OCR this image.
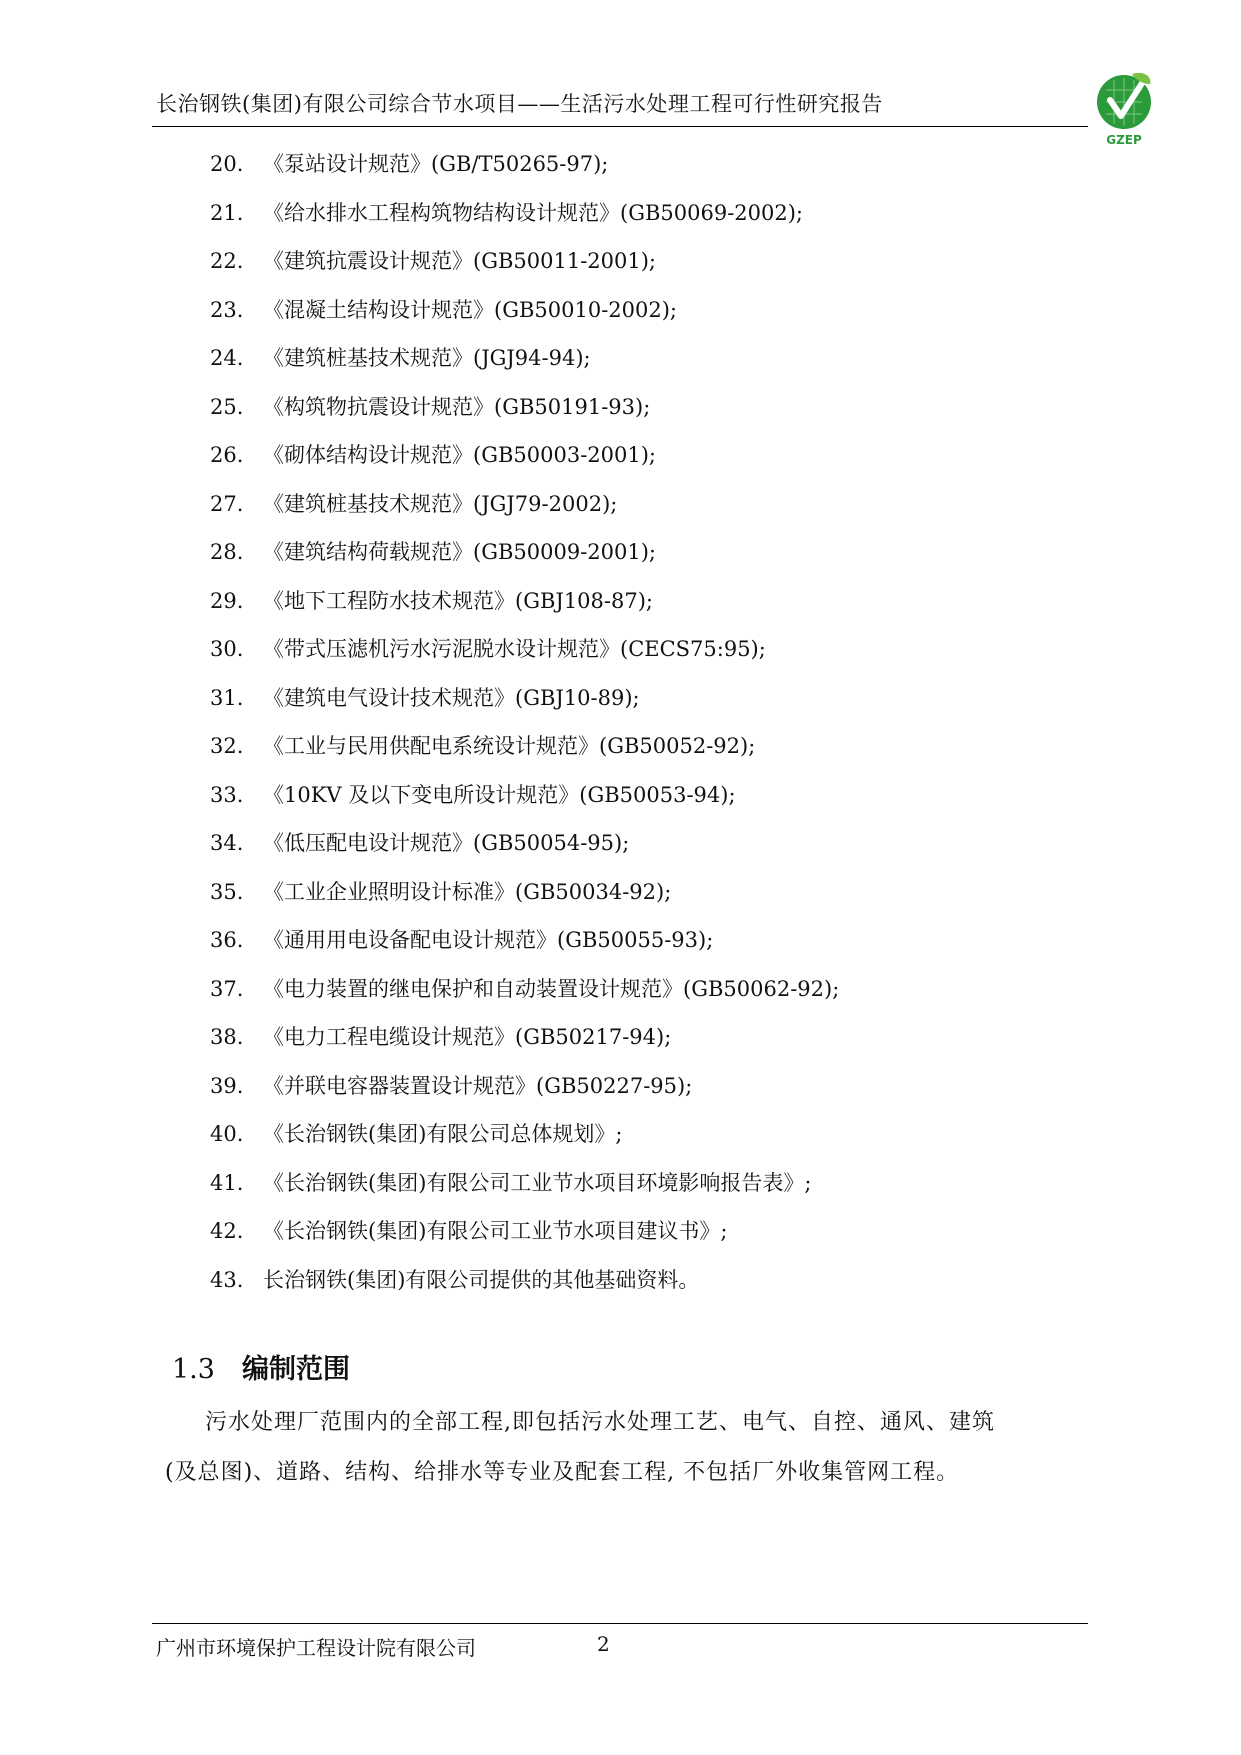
长治钢铁(集团)有限公司综合节水项目——生活污水处理工程可行性研究报告
GZEP
20. 《泵站设计规范》(GB/T50265-97);
21. 《给水排水工程构筑物结构设计规范》(GB50069-2002);
22. 《建筑抗震设计规范》(GB50011-2001);
23. 《混凝土结构设计规范》(GB50010-2002);
24. 《建筑桩基技术规范》(JGJ94-94);
25. 《构筑物抗震设计规范》(GB50191-93);
26. 《砌体结构设计规范》(GB50003-2001);
27. 《建筑桩基技术规范》(JGJ79-2002);
28. 《建筑结构荷载规范》(GB50009-2001);
29. 《地下工程防水技术规范》(GBJ108-87);
30. 《带式压滤机污水污泥脱水设计规范》(CECS75:95);
31. 《建筑电气设计技术规范》(GBJ10-89);
32. 《工业与民用供配电系统设计规范》(GB50052-92);
33. 《10KV 及以下变电所设计规范》(GB50053-94);
34. 《低压配电设计规范》(GB50054-95);
35. 《工业企业照明设计标准》(GB50034-92);
36. 《通用用电设备配电设计规范》(GB50055-93);
37. 《电力装置的继电保护和自动装置设计规范》(GB50062-92);
38. 《电力工程电缆设计规范》(GB50217-94);
39. 《并联电容器装置设计规范》(GB50227-95);
40. 《长治钢铁(集团)有限公司总体规划》;
41. 《长治钢铁(集团)有限公司工业节水项目环境影响报告表》;
42. 《长治钢铁(集团)有限公司工业节水项目建议书》;
43. 长治钢铁(集团)有限公司提供的其他基础资料。
1.3 编制范围
污水处理厂范围内的全部工程,即包括污水处理工艺、电气、自控、通风、建筑
(及总图)、道路、结构、给排水等专业及配套工程, 不包括厂外收集管网工程。
广州市环境保护工程设计院有限公司	2
